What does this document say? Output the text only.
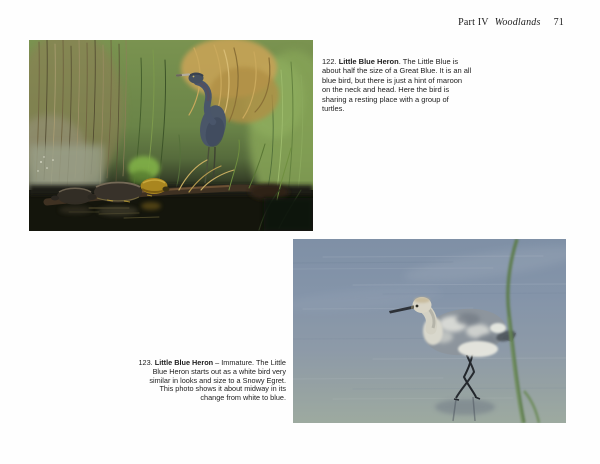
Part IV Woodlands 71

122. Little Blue Heron. The Little Blue is about half the size of a Great Blue. It is an all blue bird, but there is just a hint of maroon on the neck and head. Here the bird is sharing a resting place with a group of turtles.

123. Little Blue Heron – Immature. The Little Blue Heron starts out as a white bird very similar in looks and size to a Snowy Egret. This photo shows it about midway in its change from white to blue.
